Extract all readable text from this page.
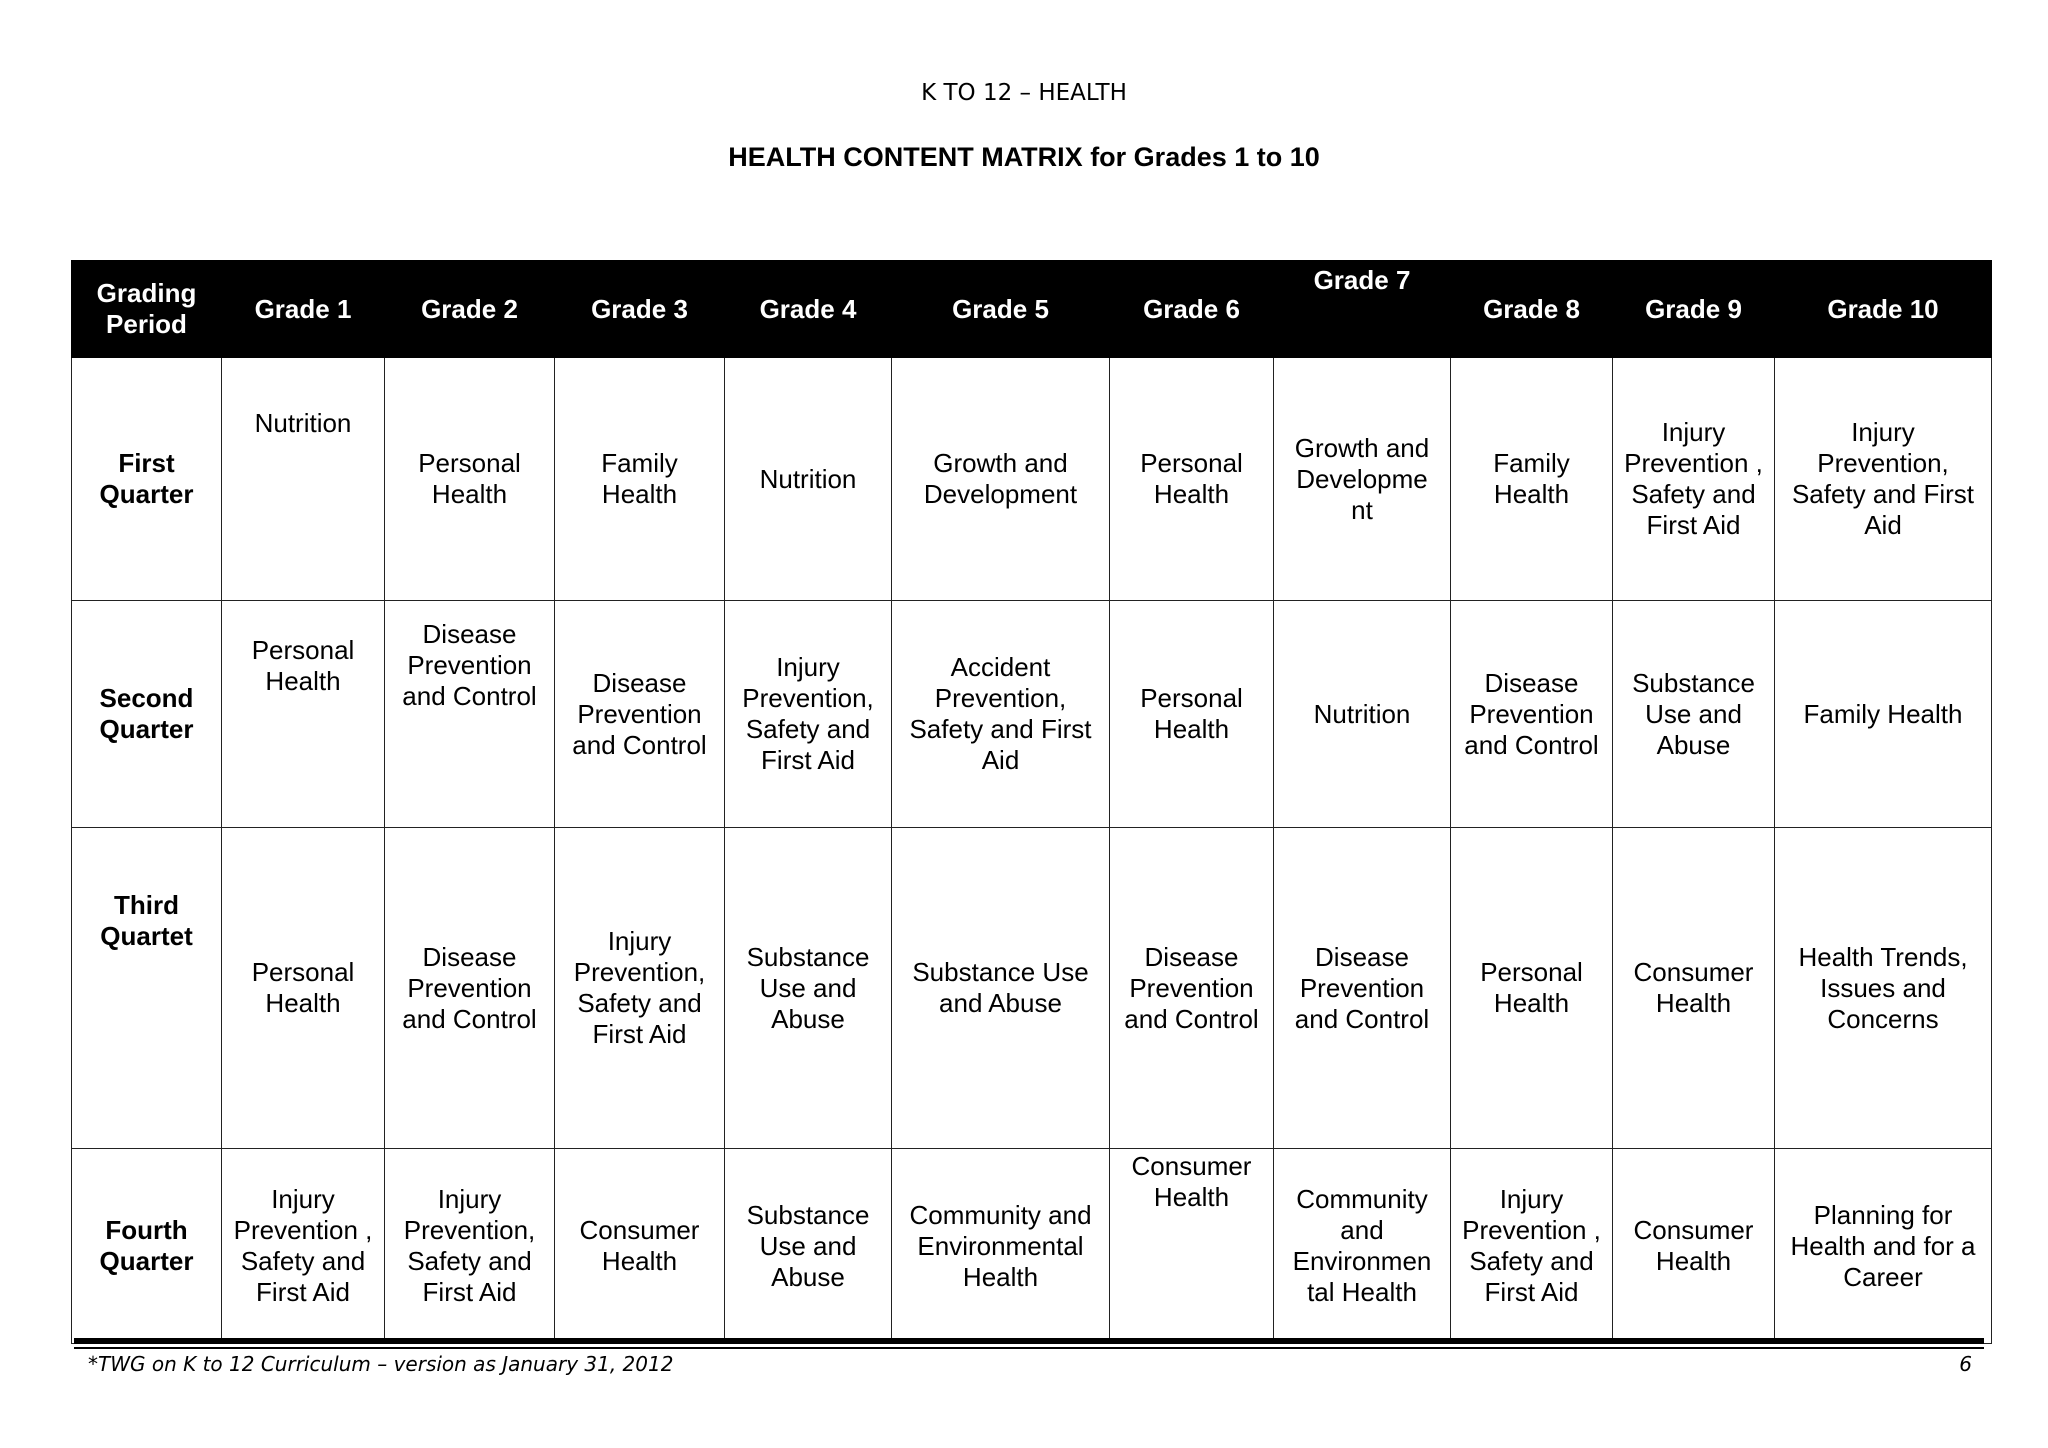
K TO 12 – HEALTH
HEALTH CONTENT MATRIX for Grades 1 to 10
Grading Period	Grade 1	Grade 2	Grade 3	Grade 4	Grade 5	Grade 6	Grade 7	Grade 8	Grade 9	Grade 10
First Quarter	Nutrition	Personal Health	Family Health	Nutrition	Growth and Development	Personal Health	Growth and Developme nt	Family Health	Injury Prevention , Safety and First Aid	Injury Prevention, Safety and First Aid
Second Quarter	Personal Health	Disease Prevention and Control	Disease Prevention and Control	Injury Prevention, Safety and First Aid	Accident Prevention, Safety and First Aid	Personal Health	Nutrition	Disease Prevention and Control	Substance Use and Abuse	Family Health
Third Quartet	Personal Health	Disease Prevention and Control	Injury Prevention, Safety and First Aid	Substance Use and Abuse	Substance Use and Abuse	Disease Prevention and Control	Disease Prevention and Control	Personal Health	Consumer Health	Health Trends, Issues and Concerns
Fourth Quarter	Injury Prevention , Safety and First Aid	Injury Prevention, Safety and First Aid	Consumer Health	Substance Use and Abuse	Community and Environmental Health	Consumer Health	Community and Environmen tal Health	Injury Prevention , Safety and First Aid	Consumer Health	Planning for Health and for a Career
*TWG on K to 12 Curriculum – version as January 31, 2012	6
